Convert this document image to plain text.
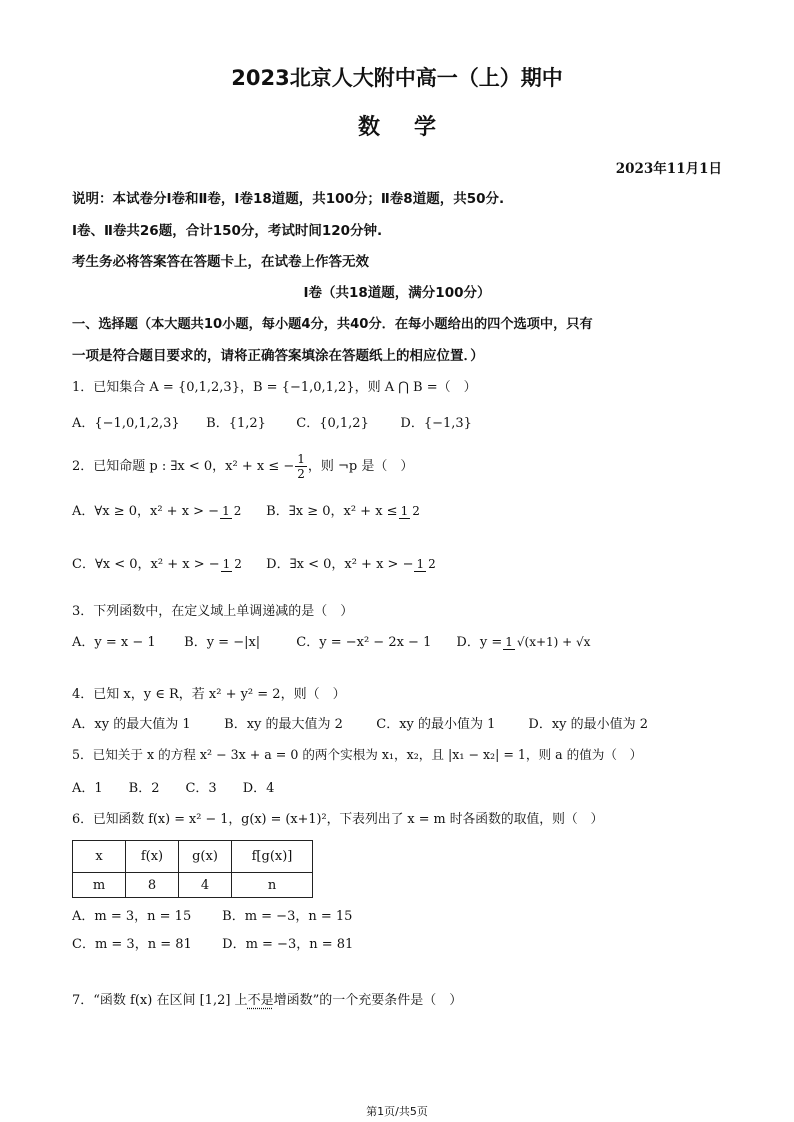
2023北京人大附中高一（上）期中
数学
2023年11月1日
说明：本试卷分Ⅰ卷和Ⅱ卷，Ⅰ卷18道题，共100分；Ⅱ卷8道题，共50分.
Ⅰ卷、Ⅱ卷共26题，合计150分，考试时间120分钟.
考生务必将答案答在答题卡上，在试卷上作答无效
Ⅰ卷（共18道题，满分100分）
一、选择题（本大题共10小题，每小题4分，共40分．在每小题给出的四个选项中，只有
一项是符合题目要求的，请将正确答案填涂在答题纸上的相应位置．）
1．已知集合 A = {0,1,2,3}，B = {−1,0,1,2}，则 A ⋂ B =（　）
A．{−1,0,1,2,3} B．{1,2} C．{0,1,2} D．{−1,3}
2．已知命题 p : ∃x < 0，x² + x ≤ − $\frac{1}{2}$ ，则 ¬p 是（　）
A．∀x ≥ 0，x² + x > − 1 2 B．∃x ≥ 0，x² + x ≤ 1 2
C．∀x < 0，x² + x > − 1 2 D．∃x < 0，x² + x > − 1 2
3．下列函数中，在定义域上单调递减的是（　）
A．y = x − 1 B．y = −|x|	C．y = −x² − 2x − 1 D．y = 1 √(x+1) + √x
4．已知 x，y ∈ R，若 x² + y² = 2，则（　）
A．xy 的最大值为 1	B．xy 的最大值为 2	C．xy 的最小值为 1	D．xy 的最小值为 2
5．已知关于 x 的方程 x² − 3x + a = 0 的两个实根为 x₁，x₂，且 |x₁ − x₂| = 1，则 a 的值为（　）
A．1　　B．2　　C．3　　D．4
6．已知函数 f(x) = x² − 1，g(x) = (x+1)²，下表列出了 x = m 时各函数的取值，则（　）
x	f(x)	g(x)	f[g(x)]
m	8	4	n
A．m = 3，n = 15 B．m = −3，n = 15
C．m = 3，n = 81 D．m = −3，n = 81
7．“函数 f(x) 在区间 [1,2] 上不是增函数”的一个充要条件是（　）
第1页/共5页
